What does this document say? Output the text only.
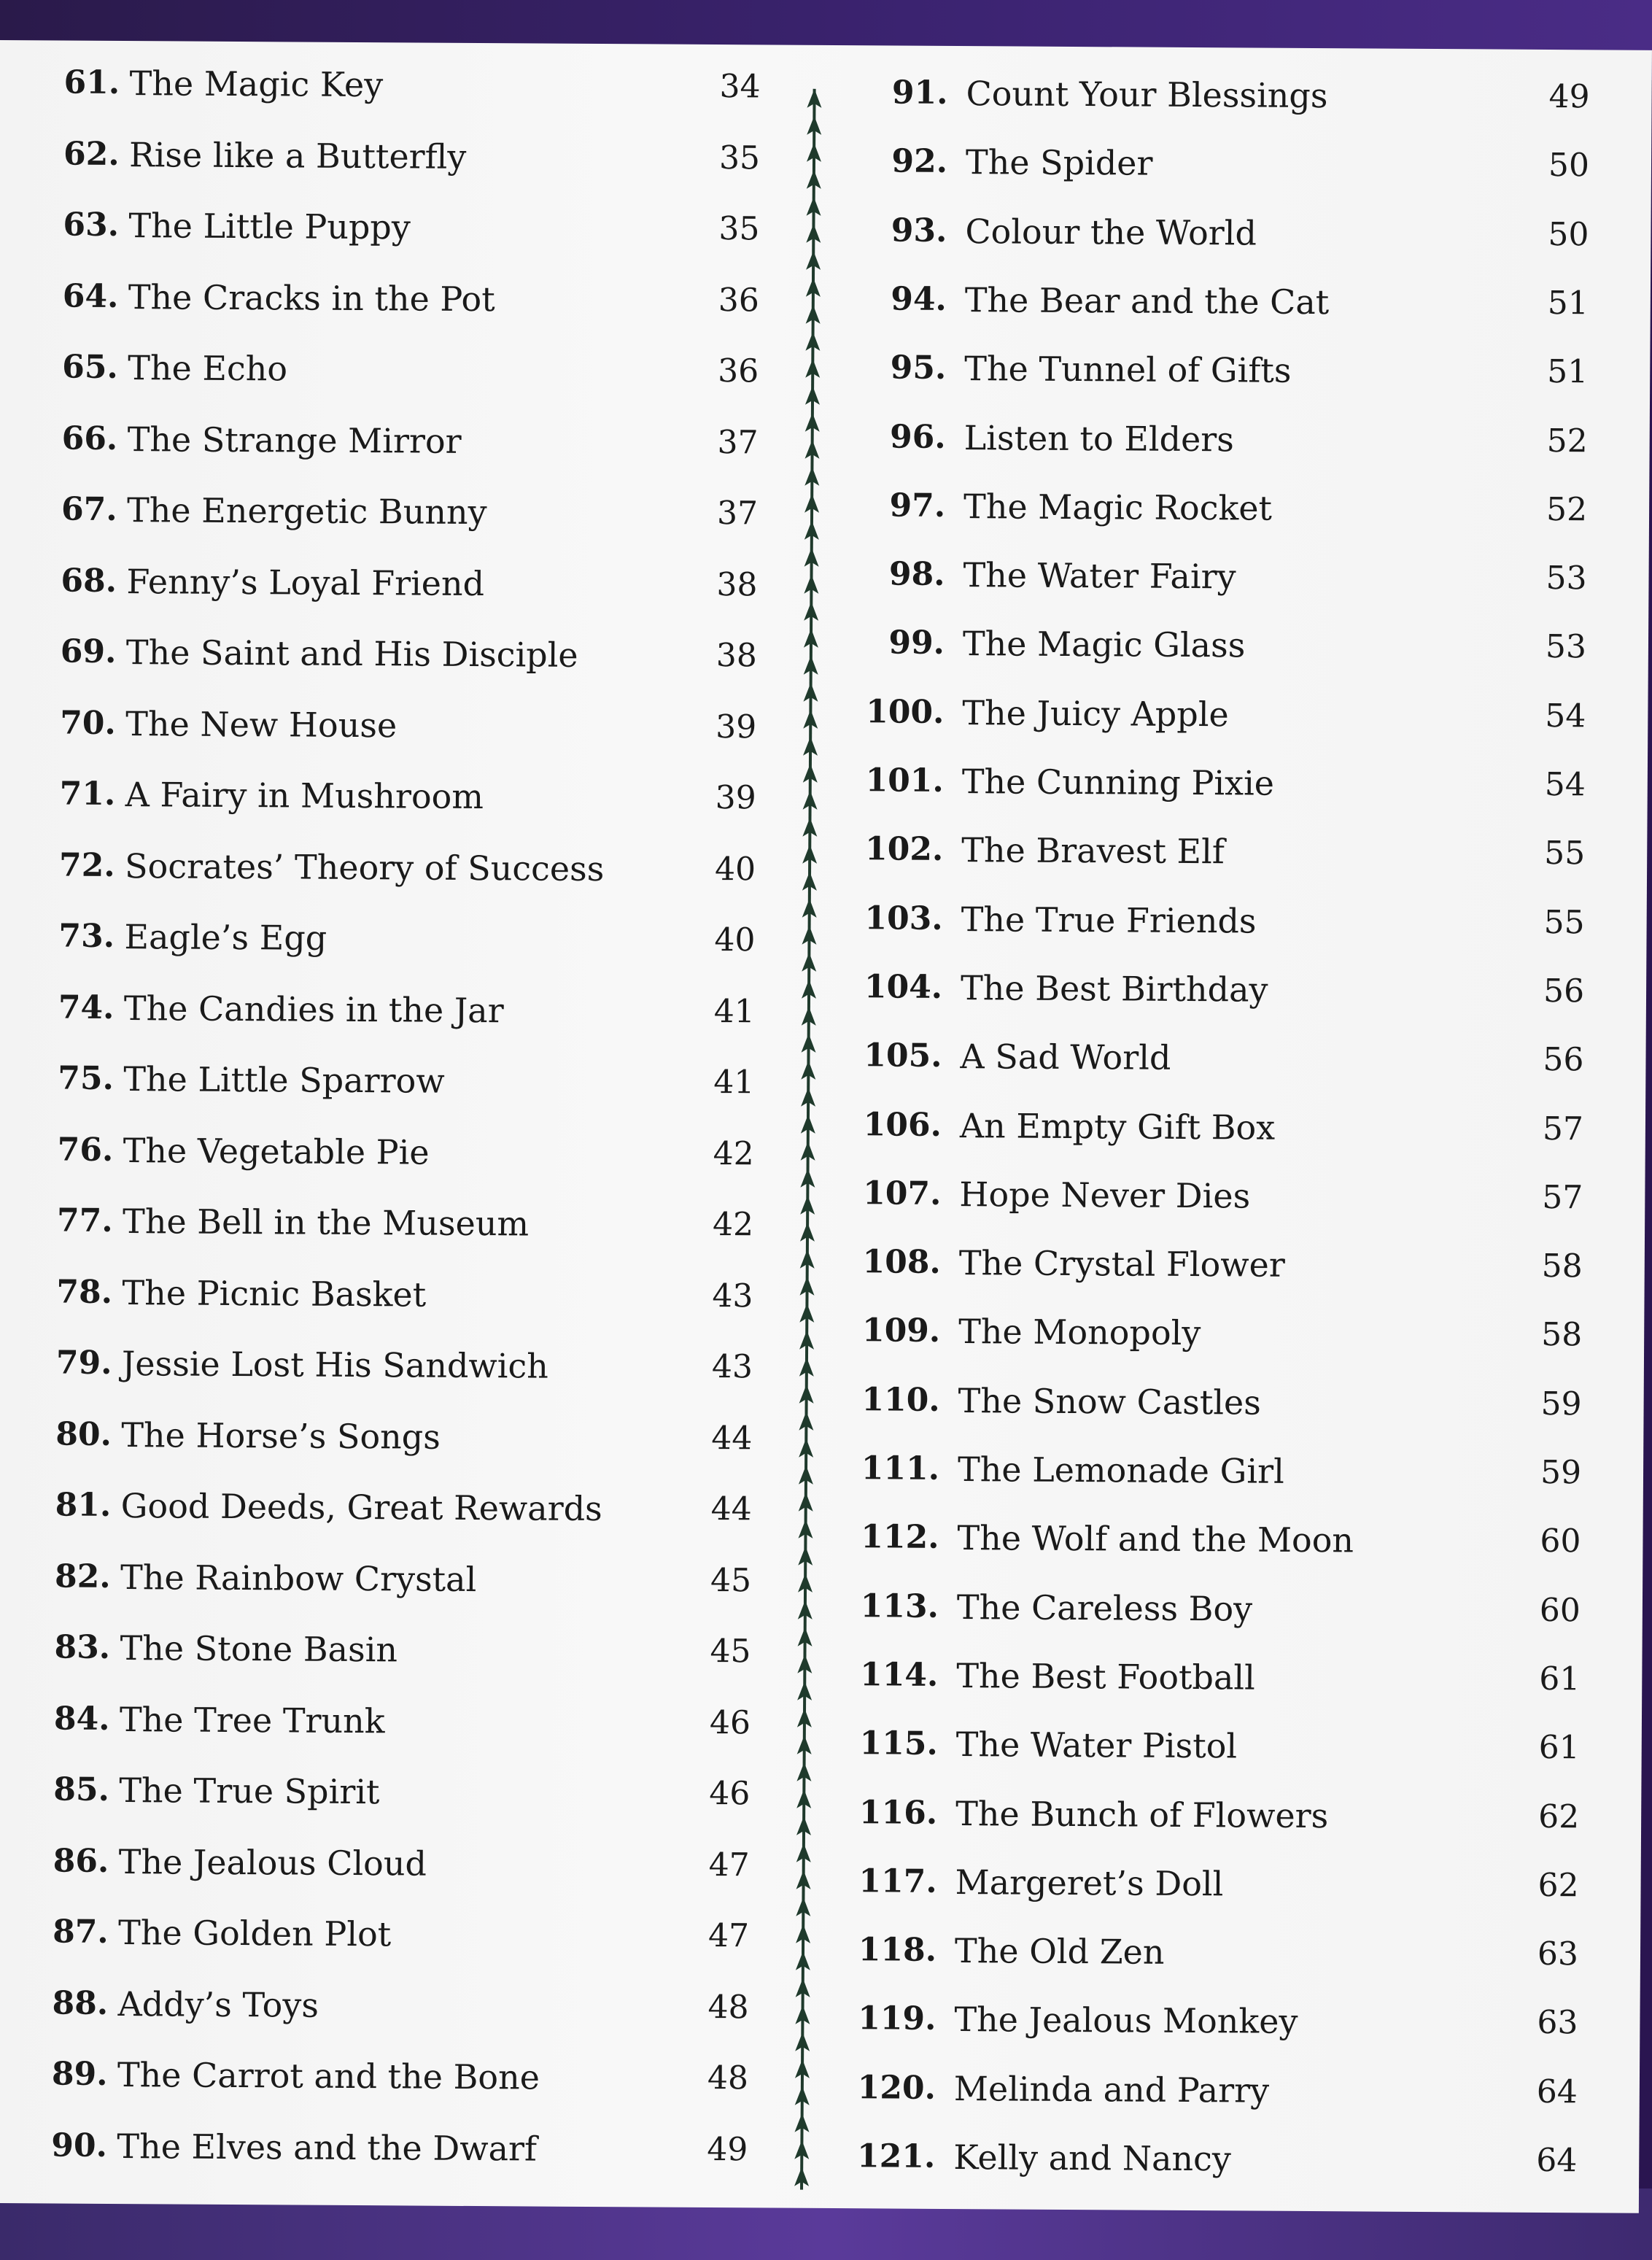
61. The Magic Key	34
62. Rise like a Butterfly	35
63. The Little Puppy	35
64. The Cracks in the Pot	36
65. The Echo	36
66. The Strange Mirror	37
67. The Energetic Bunny	37
68. Fenny’s Loyal Friend	38
69. The Saint and His Disciple	38
70. The New House	39
71. A Fairy in Mushroom	39
72. Socrates’ Theory of Success	40
73. Eagle’s Egg	40
74. The Candies in the Jar	41
75. The Little Sparrow	41
76. The Vegetable Pie	42
77. The Bell in the Museum	42
78. The Picnic Basket	43
79. Jessie Lost His Sandwich	43
80. The Horse’s Songs	44
81. Good Deeds, Great Rewards	44
82. The Rainbow Crystal	45
83. The Stone Basin	45
84. The Tree Trunk	46
85. The True Spirit	46
86. The Jealous Cloud	47
87. The Golden Plot	47
88. Addy’s Toys	48
89. The Carrot and the Bone	48
90. The Elves and the Dwarf	49
91. Count Your Blessings	49
92. The Spider	50
93. Colour the World	50
94. The Bear and the Cat	51
95. The Tunnel of Gifts	51
96. Listen to Elders	52
97. The Magic Rocket	52
98. The Water Fairy	53
99. The Magic Glass	53
100. The Juicy Apple	54
101. The Cunning Pixie	54
102. The Bravest Elf	55
103. The True Friends	55
104. The Best Birthday	56
105. A Sad World	56
106. An Empty Gift Box	57
107. Hope Never Dies	57
108. The Crystal Flower	58
109. The Monopoly	58
110. The Snow Castles	59
111. The Lemonade Girl	59
112. The Wolf and the Moon	60
113. The Careless Boy	60
114. The Best Football	61
115. The Water Pistol	61
116. The Bunch of Flowers	62
117. Margeret’s Doll	62
118. The Old Zen	63
119. The Jealous Monkey	63
120. Melinda and Parry	64
121. Kelly and Nancy	64
